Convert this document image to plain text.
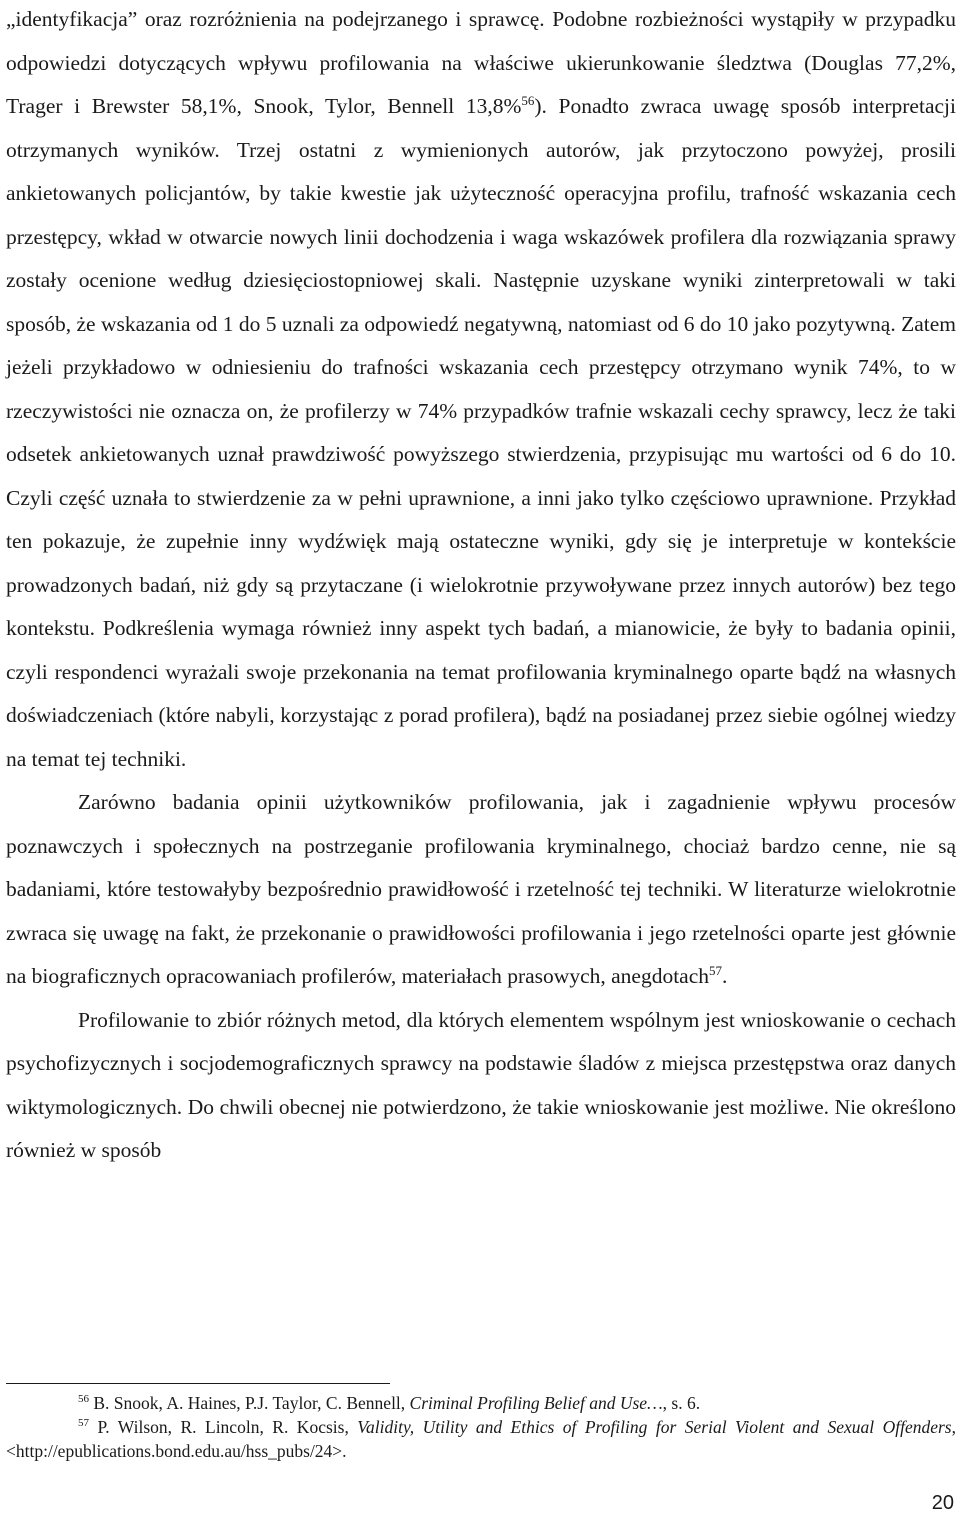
„identyfikacja” oraz rozróżnienia na podejrzanego i sprawcę. Podobne rozbieżności wystąpiły w przypadku odpowiedzi dotyczących wpływu profilowania na właściwe ukierunkowanie śledztwa (Douglas 77,2%, Trager i Brewster 58,1%, Snook, Tylor, Bennell 13,8%$^{56}$). Ponadto zwraca uwagę sposób interpretacji otrzymanych wyników. Trzej ostatni z wymienionych autorów, jak przytoczono powyżej, prosili ankietowanych policjantów, by takie kwestie jak użyteczność operacyjna profilu, trafność wskazania cech przestępcy, wkład w otwarcie nowych linii dochodzenia i waga wskazówek profilera dla rozwiązania sprawy zostały ocenione według dziesięciostopniowej skali. Następnie uzyskane wyniki zinterpretowali w taki sposób, że wskazania od 1 do 5 uznali za odpowiedź negatywną, natomiast od 6 do 10 jako pozytywną. Zatem jeżeli przykładowo w odniesieniu do trafności wskazania cech przestępcy otrzymano wynik 74%, to w rzeczywistości nie oznacza on, że profilerzy w 74% przypadków trafnie wskazali cechy sprawcy, lecz że taki odsetek ankietowanych uznał prawdziwość powyższego stwierdzenia, przypisując mu wartości od 6 do 10. Czyli część uznała to stwierdzenie za w pełni uprawnione, a inni jako tylko częściowo uprawnione. Przykład ten pokazuje, że zupełnie inny wydźwięk mają ostateczne wyniki, gdy się je interpretuje w kontekście prowadzonych badań, niż gdy są przytaczane (i wielokrotnie przywoływane przez innych autorów) bez tego kontekstu. Podkreślenia wymaga również inny aspekt tych badań, a mianowicie, że były to badania opinii, czyli respondenci wyrażali swoje przekonania na temat profilowania kryminalnego oparte bądź na własnych doświadczeniach (które nabyli, korzystając z porad profilera), bądź na posiadanej przez siebie ogólnej wiedzy na temat tej techniki.

Zarówno badania opinii użytkowników profilowania, jak i zagadnienie wpływu procesów poznawczych i społecznych na postrzeganie profilowania kryminalnego, chociaż bardzo cenne, nie są badaniami, które testowałyby bezpośrednio prawidłowość i rzetelność tej techniki. W literaturze wielokrotnie zwraca się uwagę na fakt, że przekonanie o prawidłowości profilowania i jego rzetelności oparte jest głównie na biograficznych opracowaniach profilerów, materiałach prasowych, anegdotach$^{57}$.

Profilowanie to zbiór różnych metod, dla których elementem wspólnym jest wnioskowanie o cechach psychofizycznych i socjodemograficznych sprawcy na podstawie śladów z miejsca przestępstwa oraz danych wiktymologicznych. Do chwili obecnej nie potwierdzono, że takie wnioskowanie jest możliwe. Nie określono również w sposób

$^{56}$ B. Snook, A. Haines, P.J. Taylor, C. Bennell, Criminal Profiling Belief and Use…, s. 6.

$^{57}$ P. Wilson, R. Lincoln, R. Kocsis, Validity, Utility and Ethics of Profiling for Serial Violent and Sexual Offenders, <http://epublications.bond.edu.au/hss_pubs/24>.

20
